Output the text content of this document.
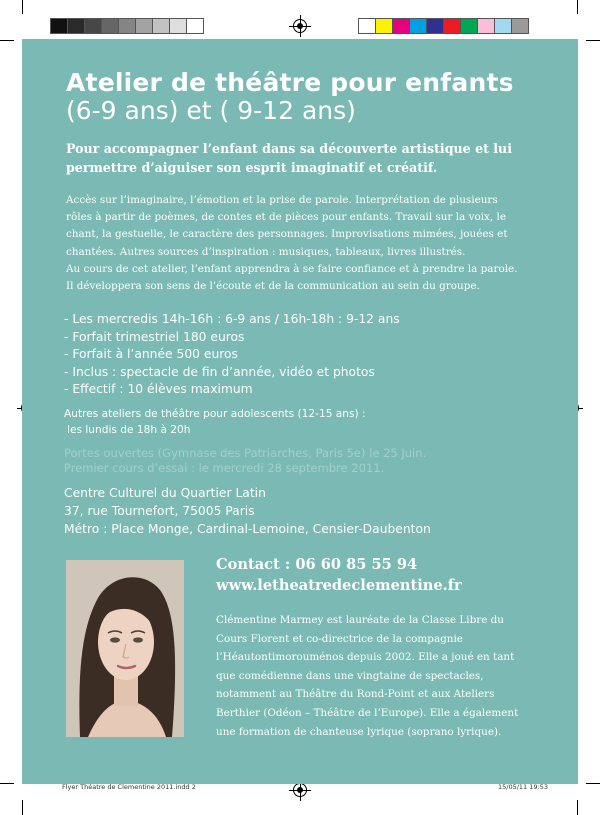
Atelier de théâtre pour enfants
(6-9 ans) et ( 9-12 ans)

Pour accompagner l’enfant dans sa découverte artistique et lui permettre d’aiguiser son esprit imaginatif et créatif.

Accès sur l’imaginaire, l’émotion et la prise de parole. Interprétation de plusieurs
rôles à partir de poèmes, de contes et de pièces pour enfants. Travail sur la voix, le
chant, la gestuelle, le caractère des personnages. Improvisations mimées, jouées et
chantées. Autres sources d’inspiration : musiques, tableaux, livres illustrés.
Au cours de cet atelier, l’enfant apprendra à se faire confiance et à prendre la parole.
Il développera son sens de l’écoute et de la communication au sein du groupe.
- Les mercredis 14h-16h : 6-9 ans / 16h-18h : 9-12 ans
- Forfait trimestriel 180 euros
- Forfait à l’année 500 euros
- Inclus : spectacle de fin d’année, vidéo et photos
- Effectif : 10 élèves maximum
Autres ateliers de théâtre pour adolescents (12-15 ans) :
les lundis de 18h à 20h
Portes ouvertes (Gymnase des Patriarches, Paris 5e) le 25 Juin.
Premier cours d’essai : le mercredi 28 septembre 2011.
Centre Culturel du Quartier Latin
37, rue Tournefort, 75005 Paris
Métro : Place Monge, Cardinal-Lemoine, Censier-Daubenton
Contact : 06 60 85 55 94
www.letheatredeclementine.fr
Clémentine Marmey est lauréate de la Classe Libre du
Cours Florent et co-directrice de la compagnie
l’Héautontimorouménos depuis 2002. Elle a joué en tant
que comédienne dans une vingtaine de spectacles,
notamment au Théâtre du Rond-Point et aux Ateliers
Berthier (Odéon – Théâtre de l’Europe). Elle a également
une formation de chanteuse lyrique (soprano lyrique).
Flyer Théatre de Clementine 2011.indd 2	15/05/11 19:53
